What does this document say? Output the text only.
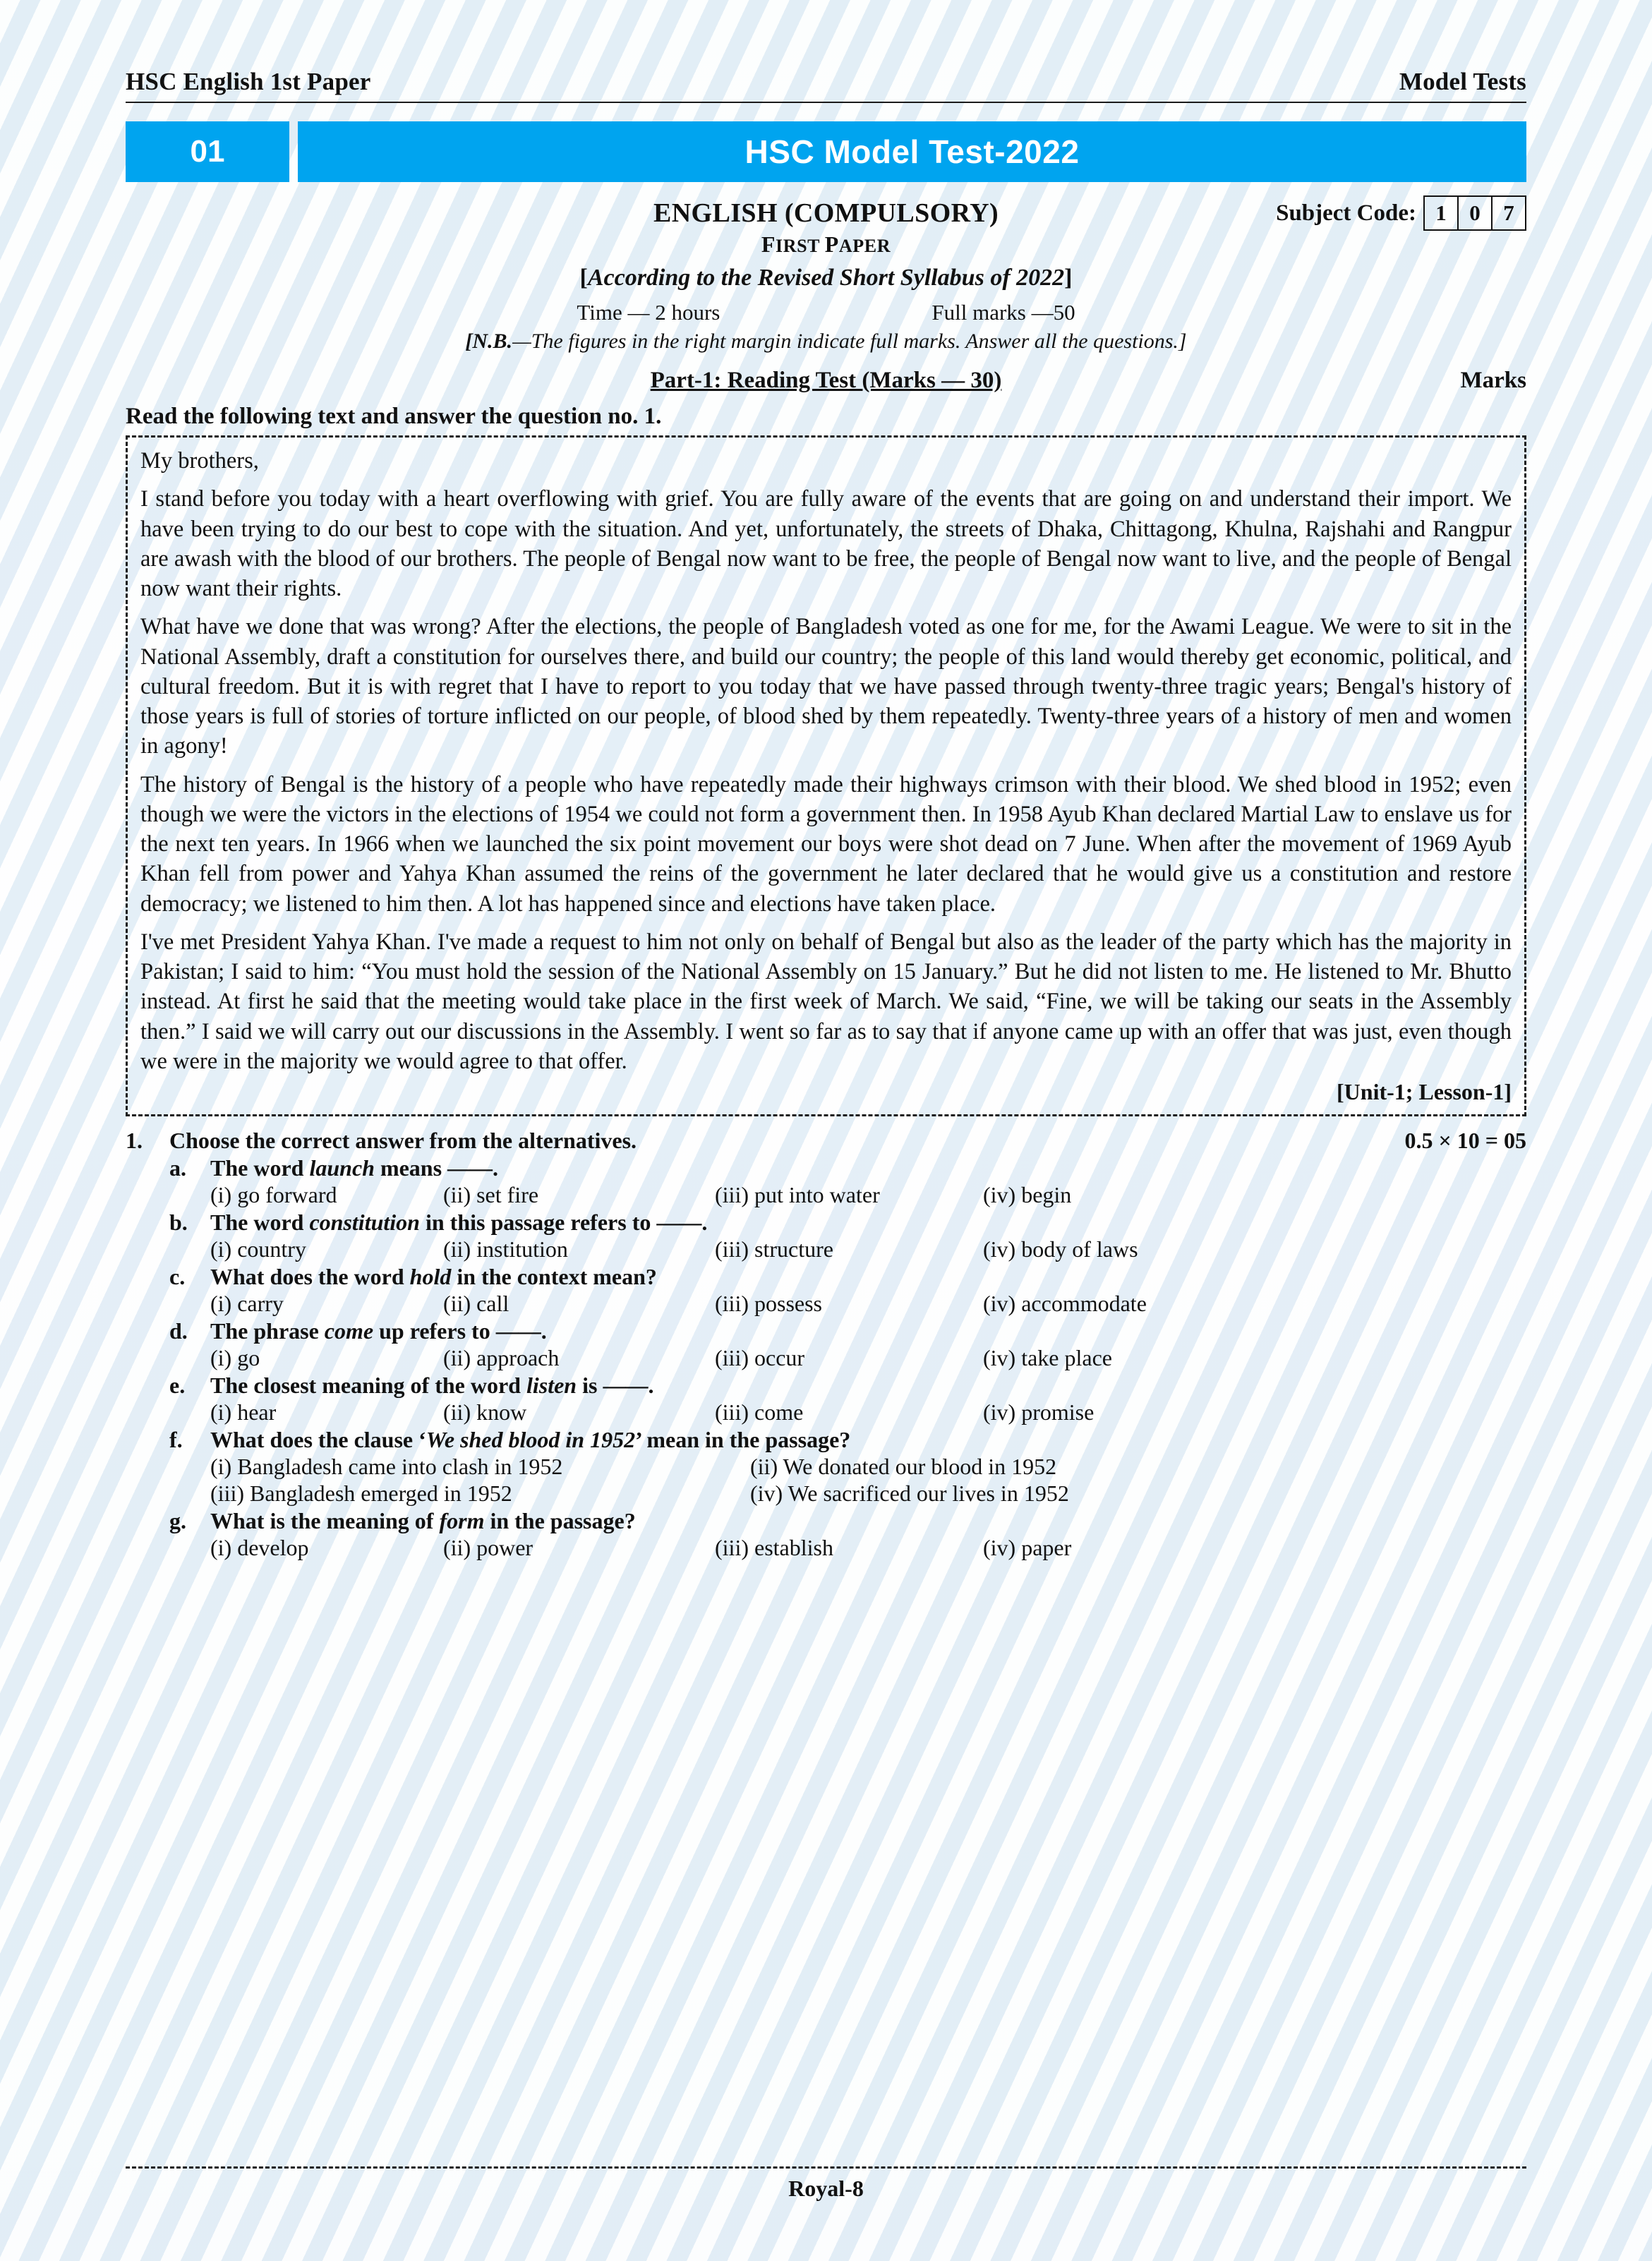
HSC English 1st Paper	Model Tests
01	HSC Model Test-2022
ENGLISH (COMPULSORY)	Subject Code: 1	0	7
FIRST PAPER
[According to the Revised Short Syllabus of 2022]
Time — 2 hours	Full marks —50
[N.B.—The figures in the right margin indicate full marks. Answer all the questions.]
Part-1: Reading Test (Marks — 30)	Marks
Read the following text and answer the question no. 1.

My brothers,

I stand before you today with a heart overflowing with grief. You are fully aware of the events that are going on and understand their import. We have been trying to do our best to cope with the situation. And yet, unfortunately, the streets of Dhaka, Chittagong, Khulna, Rajshahi and Rangpur are awash with the blood of our brothers. The people of Bengal now want to be free, the people of Bengal now want to live, and the people of Bengal now want their rights.

What have we done that was wrong? After the elections, the people of Bangladesh voted as one for me, for the Awami League. We were to sit in the National Assembly, draft a constitution for ourselves there, and build our country; the people of this land would thereby get economic, political, and cultural freedom. But it is with regret that I have to report to you today that we have passed through twenty-three tragic years; Bengal's history of those years is full of stories of torture inflicted on our people, of blood shed by them repeatedly. Twenty-three years of a history of men and women in agony!

The history of Bengal is the history of a people who have repeatedly made their highways crimson with their blood. We shed blood in 1952; even though we were the victors in the elections of 1954 we could not form a government then. In 1958 Ayub Khan declared Martial Law to enslave us for the next ten years. In 1966 when we launched the six point movement our boys were shot dead on 7 June. When after the movement of 1969 Ayub Khan fell from power and Yahya Khan assumed the reins of the government he later declared that he would give us a constitution and restore democracy; we listened to him then. A lot has happened since and elections have taken place.

I've met President Yahya Khan. I've made a request to him not only on behalf of Bengal but also as the leader of the party which has the majority in Pakistan; I said to him: “You must hold the session of the National Assembly on 15 January.” But he did not listen to me. He listened to Mr. Bhutto instead. At first he said that the meeting would take place in the first week of March. We said, “Fine, we will be taking our seats in the Assembly then.” I said we will carry out our discussions in the Assembly. I went so far as to say that if anyone came up with an offer that was just, even though we were in the majority we would agree to that offer.

[Unit-1; Lesson-1]
1.	Choose the correct answer from the alternatives.	0.5 × 10 = 05
a.	The word launch means ——.
(i) go forward	(ii) set fire	(iii) put into water	(iv) begin
b.	The word constitution in this passage refers to ——.
(i) country	(ii) institution	(iii) structure	(iv) body of laws
c.	What does the word hold in the context mean?
(i) carry	(ii) call	(iii) possess	(iv) accommodate
d.	The phrase come up refers to ——.
(i) go	(ii) approach	(iii) occur	(iv) take place
e.	The closest meaning of the word listen is ——.
(i) hear	(ii) know	(iii) come	(iv) promise
f.	What does the clause ‘We shed blood in 1952’ mean in the passage?
(i) Bangladesh came into clash in 1952	(ii) We donated our blood in 1952
(iii) Bangladesh emerged in 1952	(iv) We sacrificed our lives in 1952
g.	What is the meaning of form in the passage?
(i) develop	(ii) power	(iii) establish	(iv) paper
Royal-8
